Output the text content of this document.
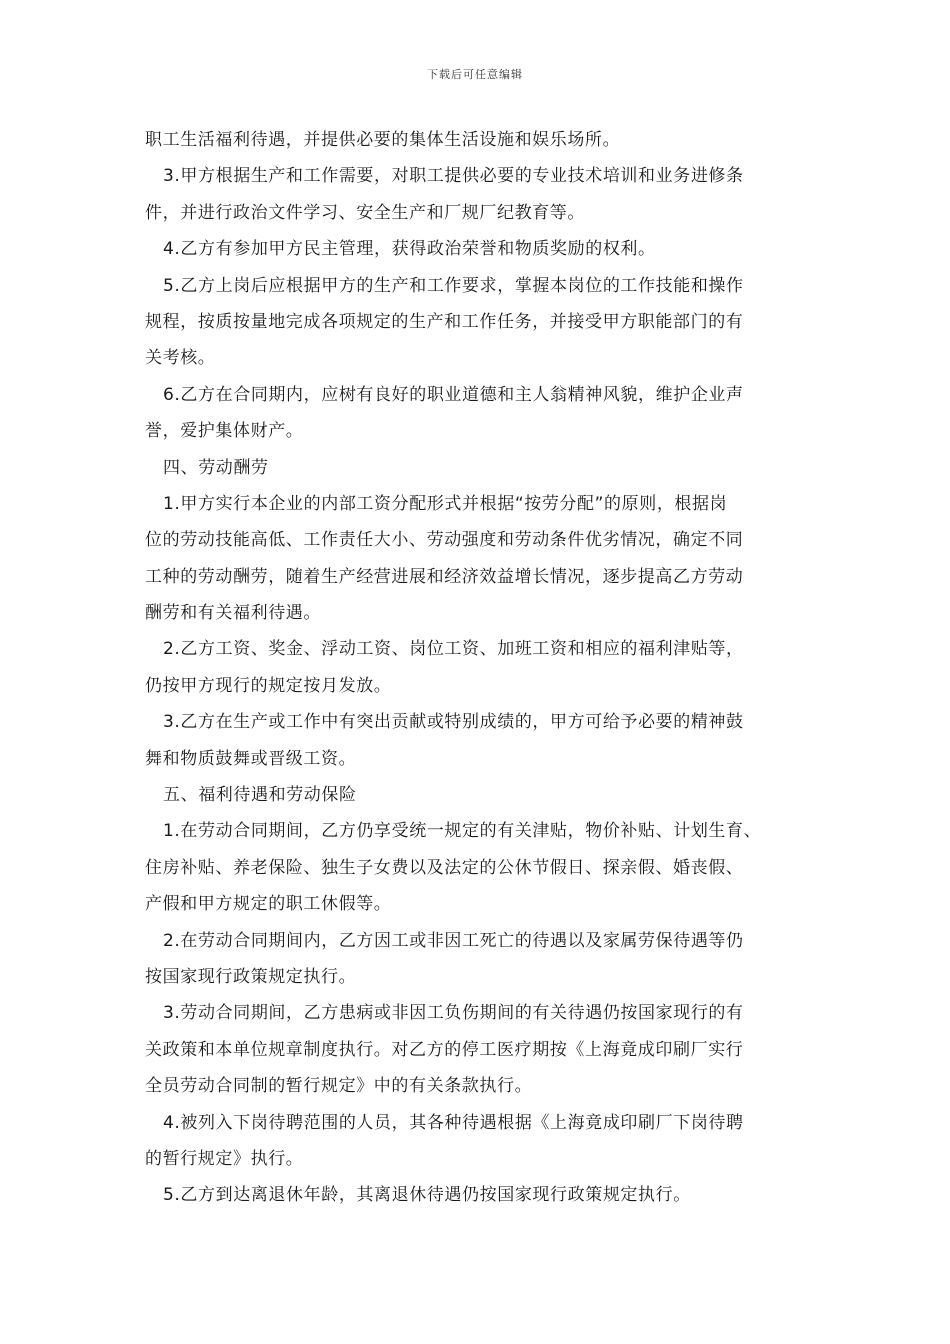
下载后可任意编辑
职工生活福利待遇，并提供必要的集体生活设施和娱乐场所。
3.甲方根据生产和工作需要，对职工提供必要的专业技术培训和业务进修条
件，并进行政治文件学习、安全生产和厂规厂纪教育等。
4.乙方有参加甲方民主管理，获得政治荣誉和物质奖励的权利。
5.乙方上岗后应根据甲方的生产和工作要求，掌握本岗位的工作技能和操作
规程，按质按量地完成各项规定的生产和工作任务，并接受甲方职能部门的有
关考核。
6.乙方在合同期内，应树有良好的职业道德和主人翁精神风貌，维护企业声
誉，爱护集体财产。
四、劳动酬劳
1.甲方实行本企业的内部工资分配形式并根据“按劳分配”的原则，根据岗
位的劳动技能高低、工作责任大小、劳动强度和劳动条件优劣情况，确定不同
工种的劳动酬劳，随着生产经营进展和经济效益增长情况，逐步提高乙方劳动
酬劳和有关福利待遇。
2.乙方工资、奖金、浮动工资、岗位工资、加班工资和相应的福利津贴等，
仍按甲方现行的规定按月发放。
3.乙方在生产或工作中有突出贡献或特别成绩的，甲方可给予必要的精神鼓
舞和物质鼓舞或晋级工资。
五、福利待遇和劳动保险
1.在劳动合同期间，乙方仍享受统一规定的有关津贴，物价补贴、计划生育、
住房补贴、养老保险、独生子女费以及法定的公休节假日、探亲假、婚丧假、
产假和甲方规定的职工休假等。
2.在劳动合同期间内，乙方因工或非因工死亡的待遇以及家属劳保待遇等仍
按国家现行政策规定执行。
3.劳动合同期间，乙方患病或非因工负伤期间的有关待遇仍按国家现行的有
关政策和本单位规章制度执行。对乙方的停工医疗期按《上海竟成印刷厂实行
全员劳动合同制的暂行规定》中的有关条款执行。
4.被列入下岗待聘范围的人员，其各种待遇根据《上海竟成印刷厂下岗待聘
的暂行规定》执行。
5.乙方到达离退休年龄，其离退休待遇仍按国家现行政策规定执行。
